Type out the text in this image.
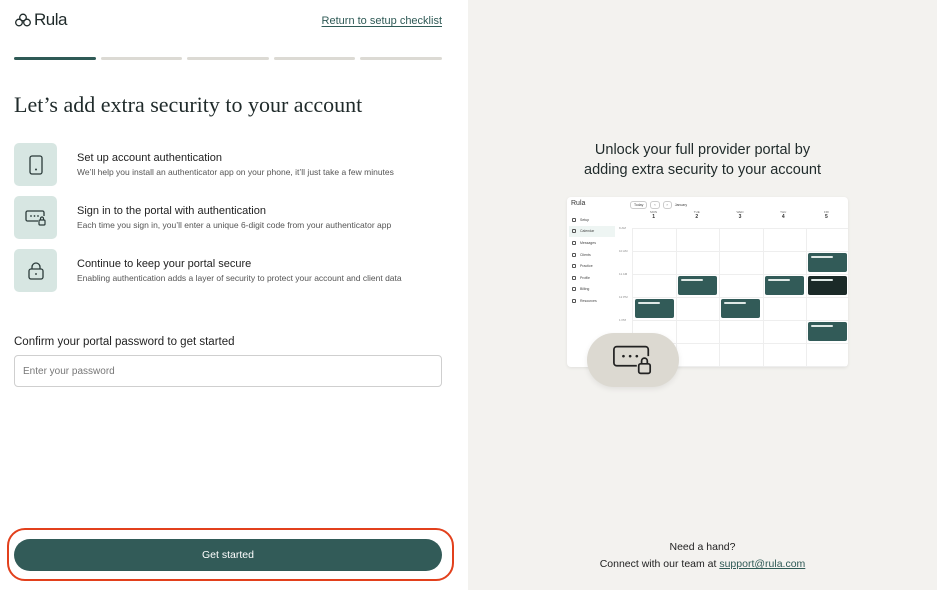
Rula	Return to setup checklist
Let’s add extra security to your account
Set up account authentication
We’ll help you install an authenticator app on your phone, it’ll just take a few minutes
Sign in to the portal with authentication
Each time you sign in, you’ll enter a unique 6-digit code from your authenticator app
Continue to keep your portal secure
Enabling authentication adds a layer of security to protect your account and client data
Confirm your portal password to get started
Get started
Unlock your full provider portal by
adding extra security to your account
Rula	Today	‹	›	January
Setup
Calendar
Messages
Clients
Practice
Profile
Billing
Resources
MON
1
TUE
2
WED
3
THU
4
FRI
5
9 AM
10 AM
11 AM
12 PM
1 PM
Need a hand?
Connect with our team at support@rula.com
